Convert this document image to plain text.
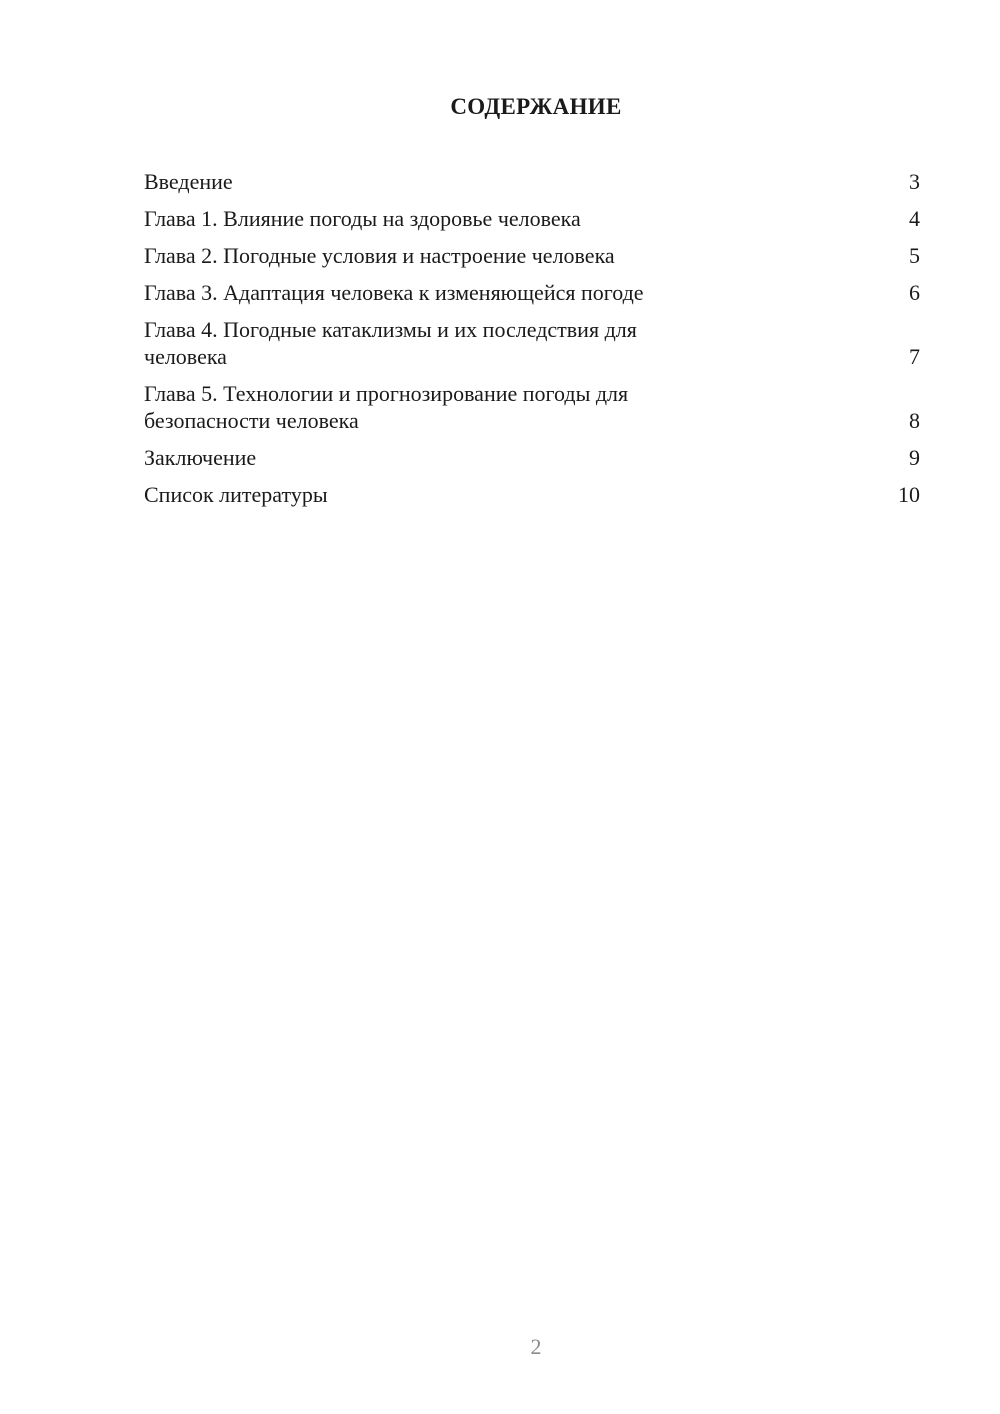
СОДЕРЖАНИЕ
Введение	3
Глава 1. Влияние погоды на здоровье человека	4
Глава 2. Погодные условия и настроение человека	5
Глава 3. Адаптация человека к изменяющейся погоде	6
Глава 4. Погодные катаклизмы и их последствия для человека	7
Глава 5. Технологии и прогнозирование погоды для безопасности человека	8
Заключение	9
Список литературы	10
2
